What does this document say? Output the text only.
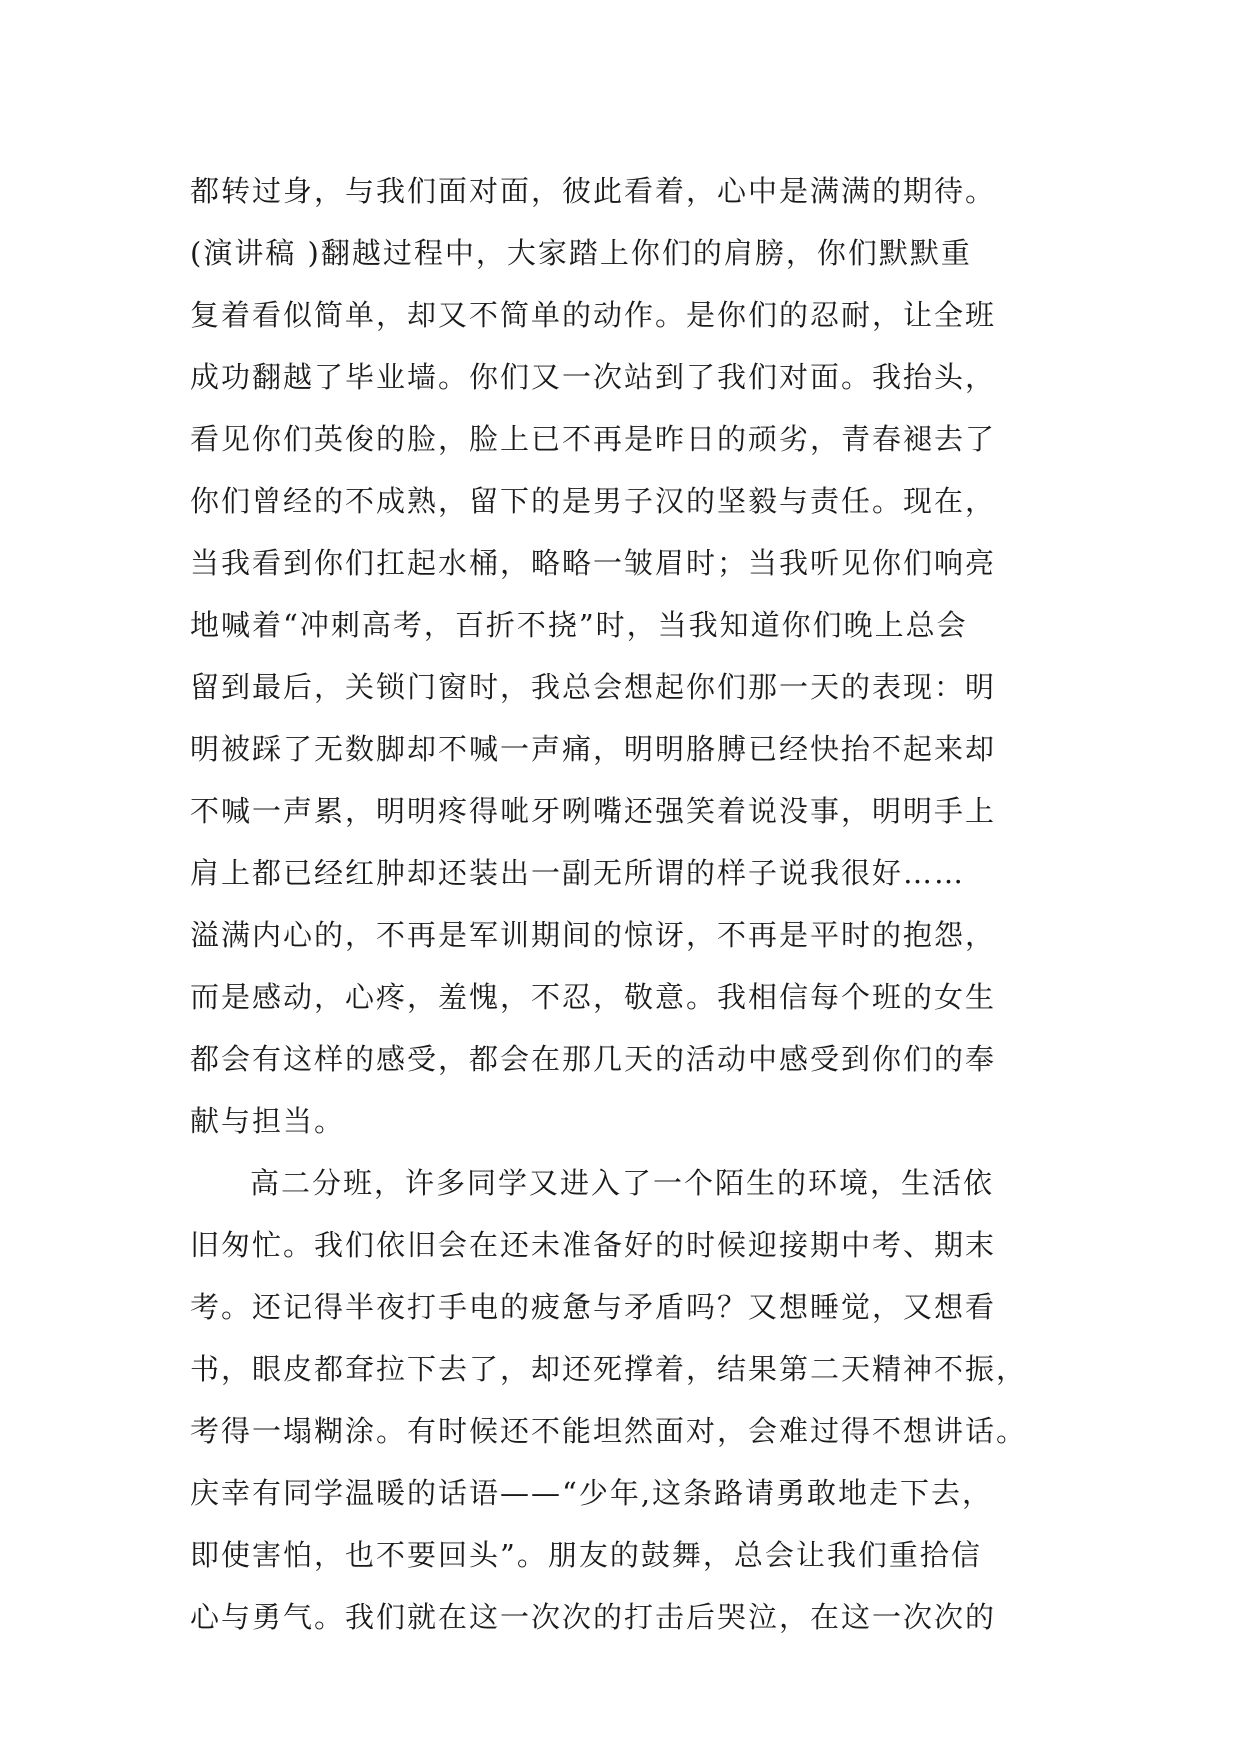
都转过身，与我们面对面，彼此看着，心中是满满的期待。
(演讲稿 )翻越过程中，大家踏上你们的肩膀，你们默默重
复着看似简单，却又不简单的动作。是你们的忍耐，让全班
成功翻越了毕业墙。你们又一次站到了我们对面。我抬头，
看见你们英俊的脸，脸上已不再是昨日的顽劣，青春褪去了
你们曾经的不成熟，留下的是男子汉的坚毅与责任。现在，
当我看到你们扛起水桶，略略一皱眉时；当我听见你们响亮
地喊着“冲刺高考，百折不挠”时，当我知道你们晚上总会
留到最后，关锁门窗时，我总会想起你们那一天的表现：明
明被踩了无数脚却不喊一声痛，明明胳膊已经快抬不起来却
不喊一声累，明明疼得呲牙咧嘴还强笑着说没事，明明手上
肩上都已经红肿却还装出一副无所谓的样子说我很好……
溢满内心的，不再是军训期间的惊讶，不再是平时的抱怨，
而是感动，心疼，羞愧，不忍，敬意。我相信每个班的女生
都会有这样的感受，都会在那几天的活动中感受到你们的奉
献与担当。
高二分班，许多同学又进入了一个陌生的环境，生活依
旧匆忙。我们依旧会在还未准备好的时候迎接期中考、期末
考。还记得半夜打手电的疲惫与矛盾吗？又想睡觉，又想看
书，眼皮都耷拉下去了，却还死撑着，结果第二天精神不振，
考得一塌糊涂。有时候还不能坦然面对，会难过得不想讲话。
庆幸有同学温暖的话语——“少年,这条路请勇敢地走下去，
即使害怕，也不要回头”。朋友的鼓舞，总会让我们重拾信
心与勇气。我们就在这一次次的打击后哭泣，在这一次次的
